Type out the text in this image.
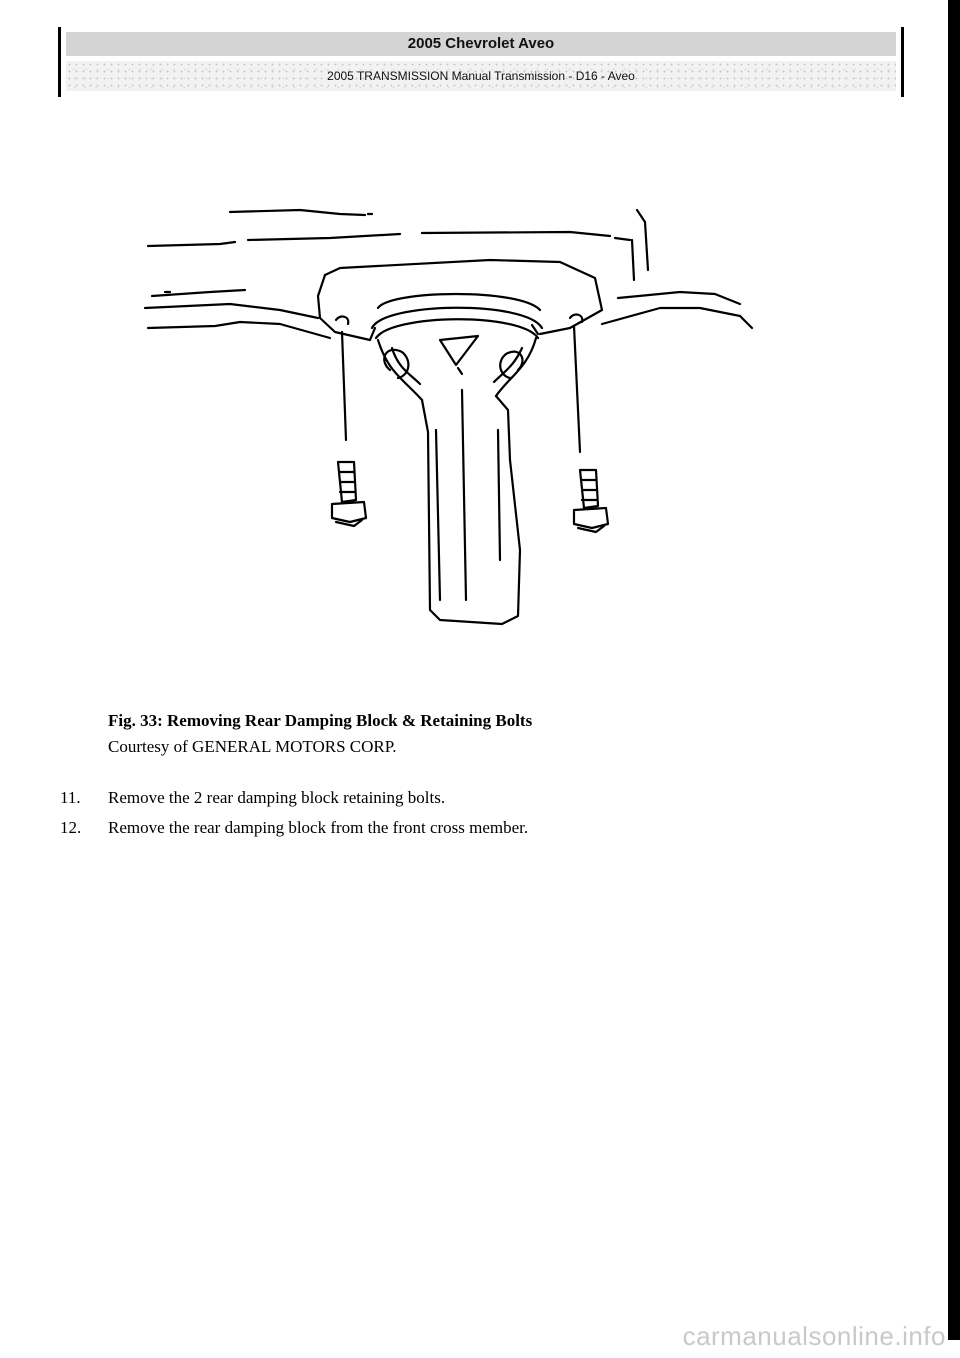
2005 Chevrolet Aveo
2005 TRANSMISSION Manual Transmission - D16 - Aveo
Fig. 33: Removing Rear Damping Block & Retaining Bolts
Courtesy of GENERAL MOTORS CORP.
11.	Remove the 2 rear damping block retaining bolts.
12.	Remove the rear damping block from the front cross member.
carmanualsonline.info
